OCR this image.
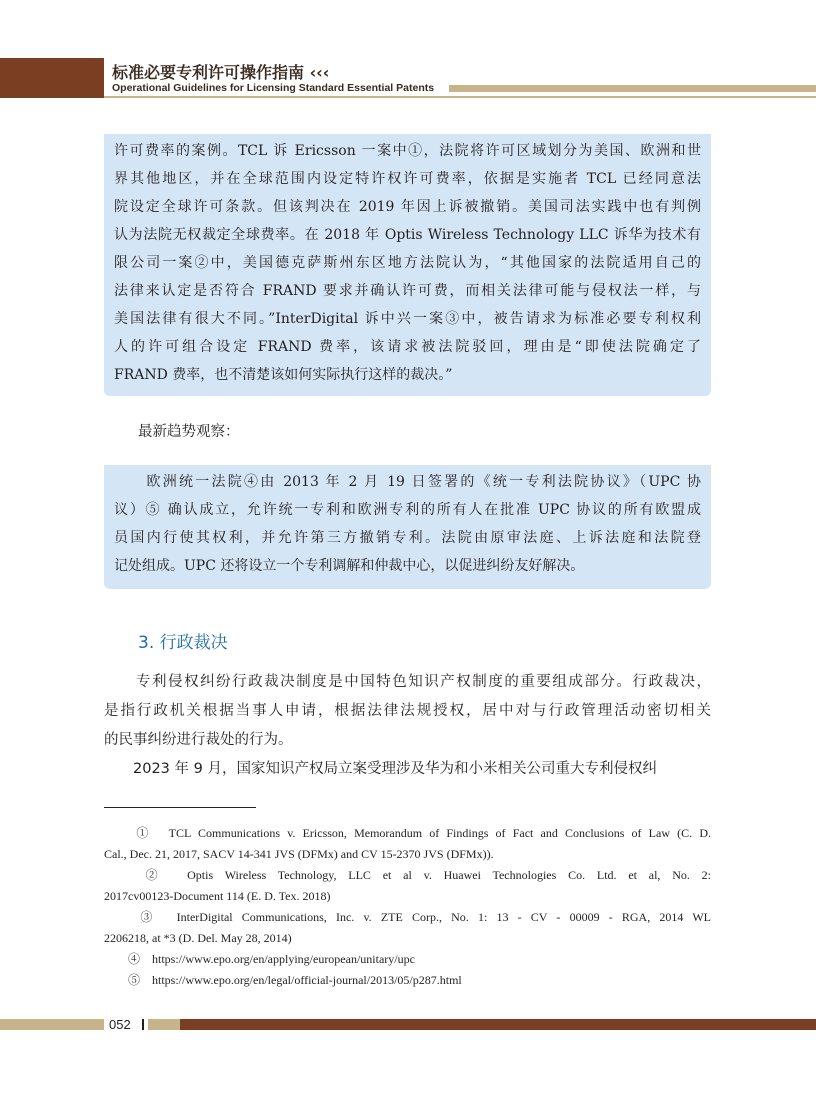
标准必要专利许可操作指南 ‹‹‹
Operational Guidelines for Licensing Standard Essential Patents

许可费率的案例。TCL 诉 Ericsson 一案中①，法院将许可区域划分为美国、欧洲和世

界其他地区，并在全球范围内设定特许权许可费率，依据是实施者 TCL 已经同意法

院设定全球许可条款。但该判决在 2019 年因上诉被撤销。美国司法实践中也有判例

认为法院无权裁定全球费率。在 2018 年 Optis Wireless Technology LLC 诉华为技术有

限公司一案②中，美国德克萨斯州东区地方法院认为，“其他国家的法院适用自己的

法律来认定是否符合 FRAND 要求并确认许可费，而相关法律可能与侵权法一样，与

美国法律有很大不同。”InterDigital 诉中兴一案③中，被告请求为标准必要专利权利

人的许可组合设定 FRAND 费率，该请求被法院驳回，理由是“即使法院确定了

FRAND 费率，也不清楚该如何实际执行这样的裁决。”

最新趋势观察：

　　欧洲统一法院④由 2013 年 2 月 19 日签署的《统一专利法院协议》（UPC 协

议）⑤ 确认成立，允许统一专利和欧洲专利的所有人在批准 UPC 协议的所有欧盟成

员国内行使其权利，并允许第三方撤销专利。法院由原审法庭、上诉法庭和法院登

记处组成。UPC 还将设立一个专利调解和仲裁中心，以促进纠纷友好解决。

3. 行政裁决

　　专利侵权纠纷行政裁决制度是中国特色知识产权制度的重要组成部分。行政裁决，

是指行政机关根据当事人申请，根据法律法规授权，居中对与行政管理活动密切相关

的民事纠纷进行裁处的行为。

　　2023 年 9 月，国家知识产权局立案受理涉及华为和小米相关公司重大专利侵权纠

　　①　TCL Communications v. Ericsson, Memorandum of Findings of Fact and Conclusions of Law (C. D.

Cal., Dec. 21, 2017, SACV 14-341 JVS (DFMx) and CV 15-2370 JVS (DFMx)).

　　②　Optis Wireless Technology, LLC et al v. Huawei Technologies Co. Ltd. et al, No. 2:

2017cv00123-Document 114 (E. D. Tex. 2018)

　　③　InterDigital Communications, Inc. v. ZTE Corp., No. 1: 13 - CV - 00009 - RGA, 2014 WL

2206218, at *3 (D. Del. May 28, 2014)

　　④　https://www.epo.org/en/applying/european/unitary/upc

　　⑤　https://www.epo.org/en/legal/official-journal/2013/05/p287.html

052
